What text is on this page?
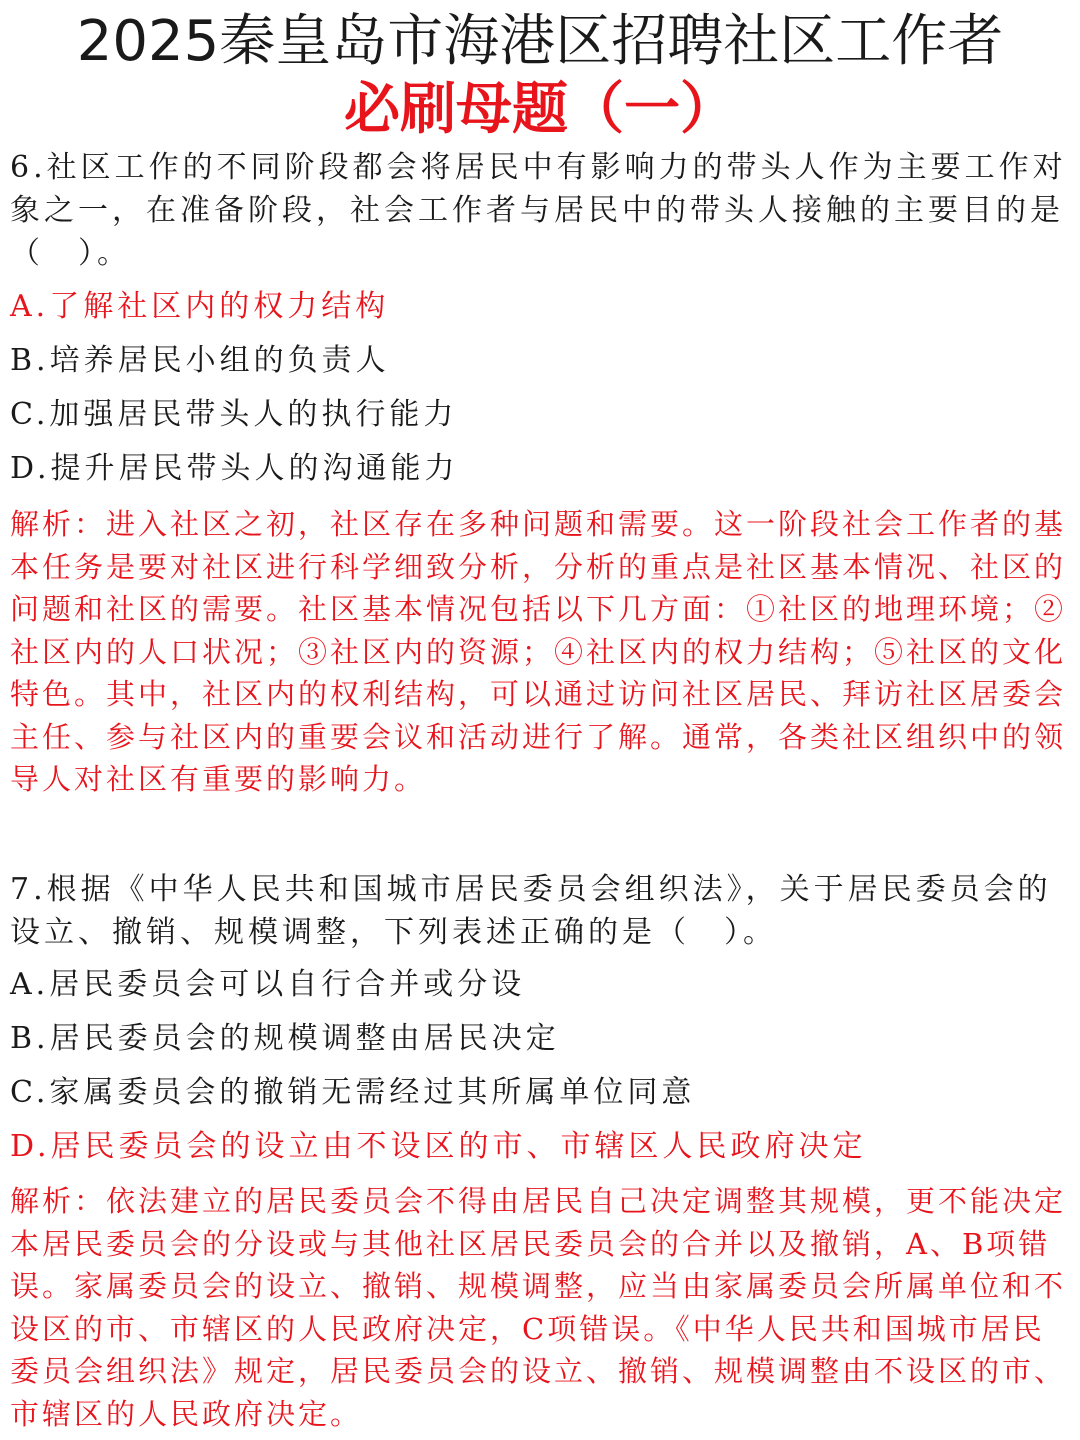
2025秦皇岛市海港区招聘社区工作者
必刷母题（一）
6.社区工作的不同阶段都会将居民中有影响力的带头人作为主要工作对象之一，在准备阶段，社会工作者与居民中的带头人接触的主要目的是（　）。
A.了解社区内的权力结构
B.培养居民小组的负责人
C.加强居民带头人的执行能力
D.提升居民带头人的沟通能力
解析：进入社区之初，社区存在多种问题和需要。这一阶段社会工作者的基本任务是要对社区进行科学细致分析，分析的重点是社区基本情况、社区的问题和社区的需要。社区基本情况包括以下几方面：①社区的地理环境；②社区内的人口状况；③社区内的资源；④社区内的权力结构；⑤社区的文化特色。其中，社区内的权利结构，可以通过访问社区居民、拜访社区居委会主任、参与社区内的重要会议和活动进行了解。通常，各类社区组织中的领导人对社区有重要的影响力。
7.根据《中华人民共和国城市居民委员会组织法》，关于居民委员会的设立、撤销、规模调整，下列表述正确的是（　）。
A.居民委员会可以自行合并或分设
B.居民委员会的规模调整由居民决定
C.家属委员会的撤销无需经过其所属单位同意
D.居民委员会的设立由不设区的市、市辖区人民政府决定
解析：依法建立的居民委员会不得由居民自己决定调整其规模，更不能决定本居民委员会的分设或与其他社区居民委员会的合并以及撤销，A、B项错误。家属委员会的设立、撤销、规模调整，应当由家属委员会所属单位和不设区的市、市辖区的人民政府决定，C项错误。《中华人民共和国城市居民委员会组织法》规定，居民委员会的设立、撤销、规模调整由不设区的市、市辖区的人民政府决定。
